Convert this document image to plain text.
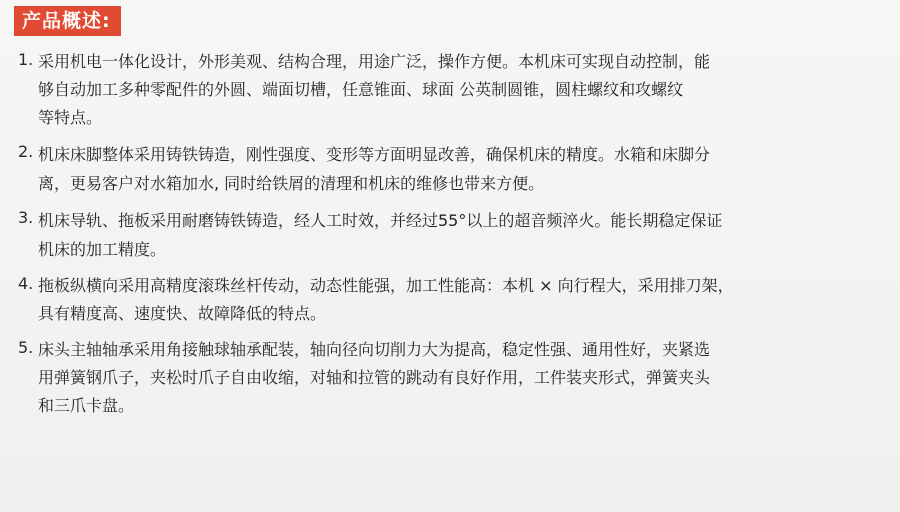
产品概述:
1. 采用机电一体化设计，外形美观、结构合理，用途广泛，操作方便。本机床可实现自动控制，能
够自动加工多种零配件的外圆、端面切槽，任意锥面、球面 公英制圆锥，圆柱螺纹和攻螺纹
等特点。
2. 机床床脚整体采用铸铁铸造，刚性强度、变形等方面明显改善，确保机床的精度。水箱和床脚分
离，更易客户对水箱加水, 同时给铁屑的清理和机床的维修也带来方便。
3. 机床导轨、拖板采用耐磨铸铁铸造，经人工时效，并经过55°以上的超音频淬火。能长期稳定保证
机床的加工精度。
4. 拖板纵横向采用高精度滚珠丝杆传动，动态性能强，加工性能高：本机 × 向行程大，采用排刀架，
具有精度高、速度快、故障降低的特点。
5. 床头主轴轴承采用角接触球轴承配装，轴向径向切削力大为提高，稳定性强、通用性好，夹紧选
用弹簧钢爪子，夹松时爪子自由收缩，对轴和拉管的跳动有良好作用，工件装夹形式，弹簧夹头
和三爪卡盘。
